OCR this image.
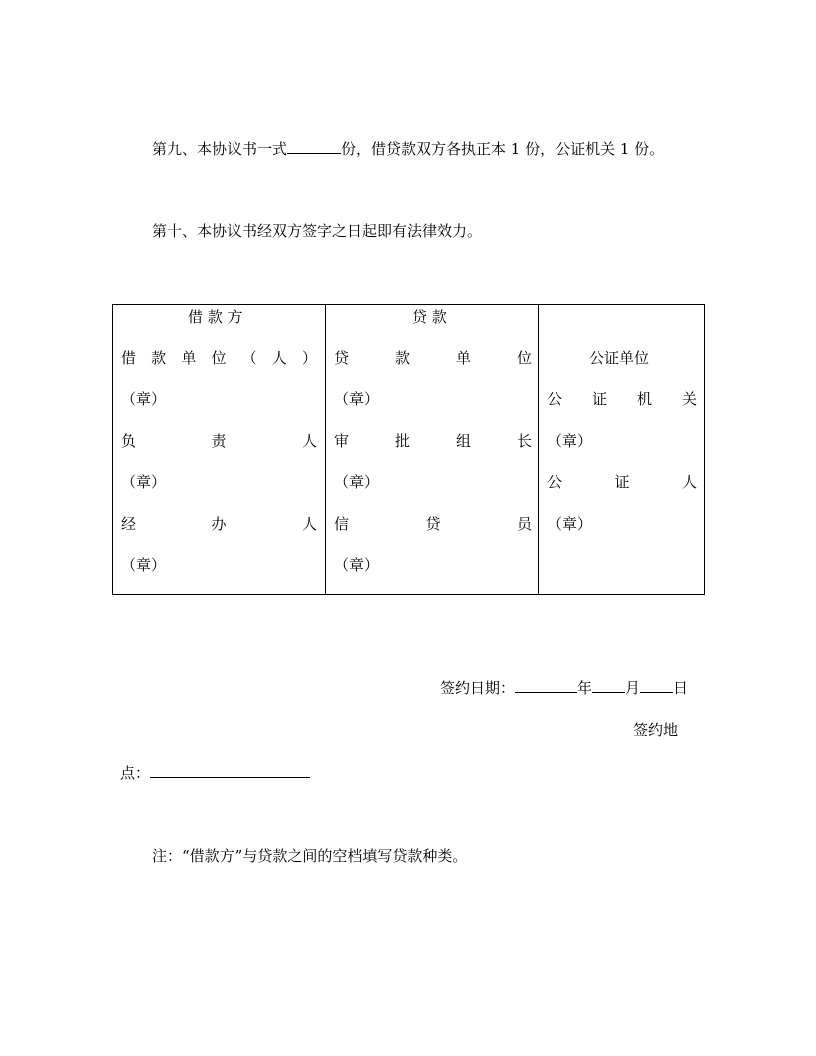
第九、本协议书一式	份，借贷款双方各执正本 1 份，公证机关 1 份。
第十、本协议书经双方签字之日起即有法律效力。
借 款 方
借 款 单 位 （ 人 ）
（章）
负	责	人
（章）
经	办	人
（章）

贷 款
贷	款	单	位
（章）
审	批	组	长
（章）
信	贷	员
（章）

公证单位
公 证 机 关
（章）
公	证	人
（章）
签约日期：	年 月 日
签约地
点：
注：“借款方”与贷款之间的空档填写贷款种类。
